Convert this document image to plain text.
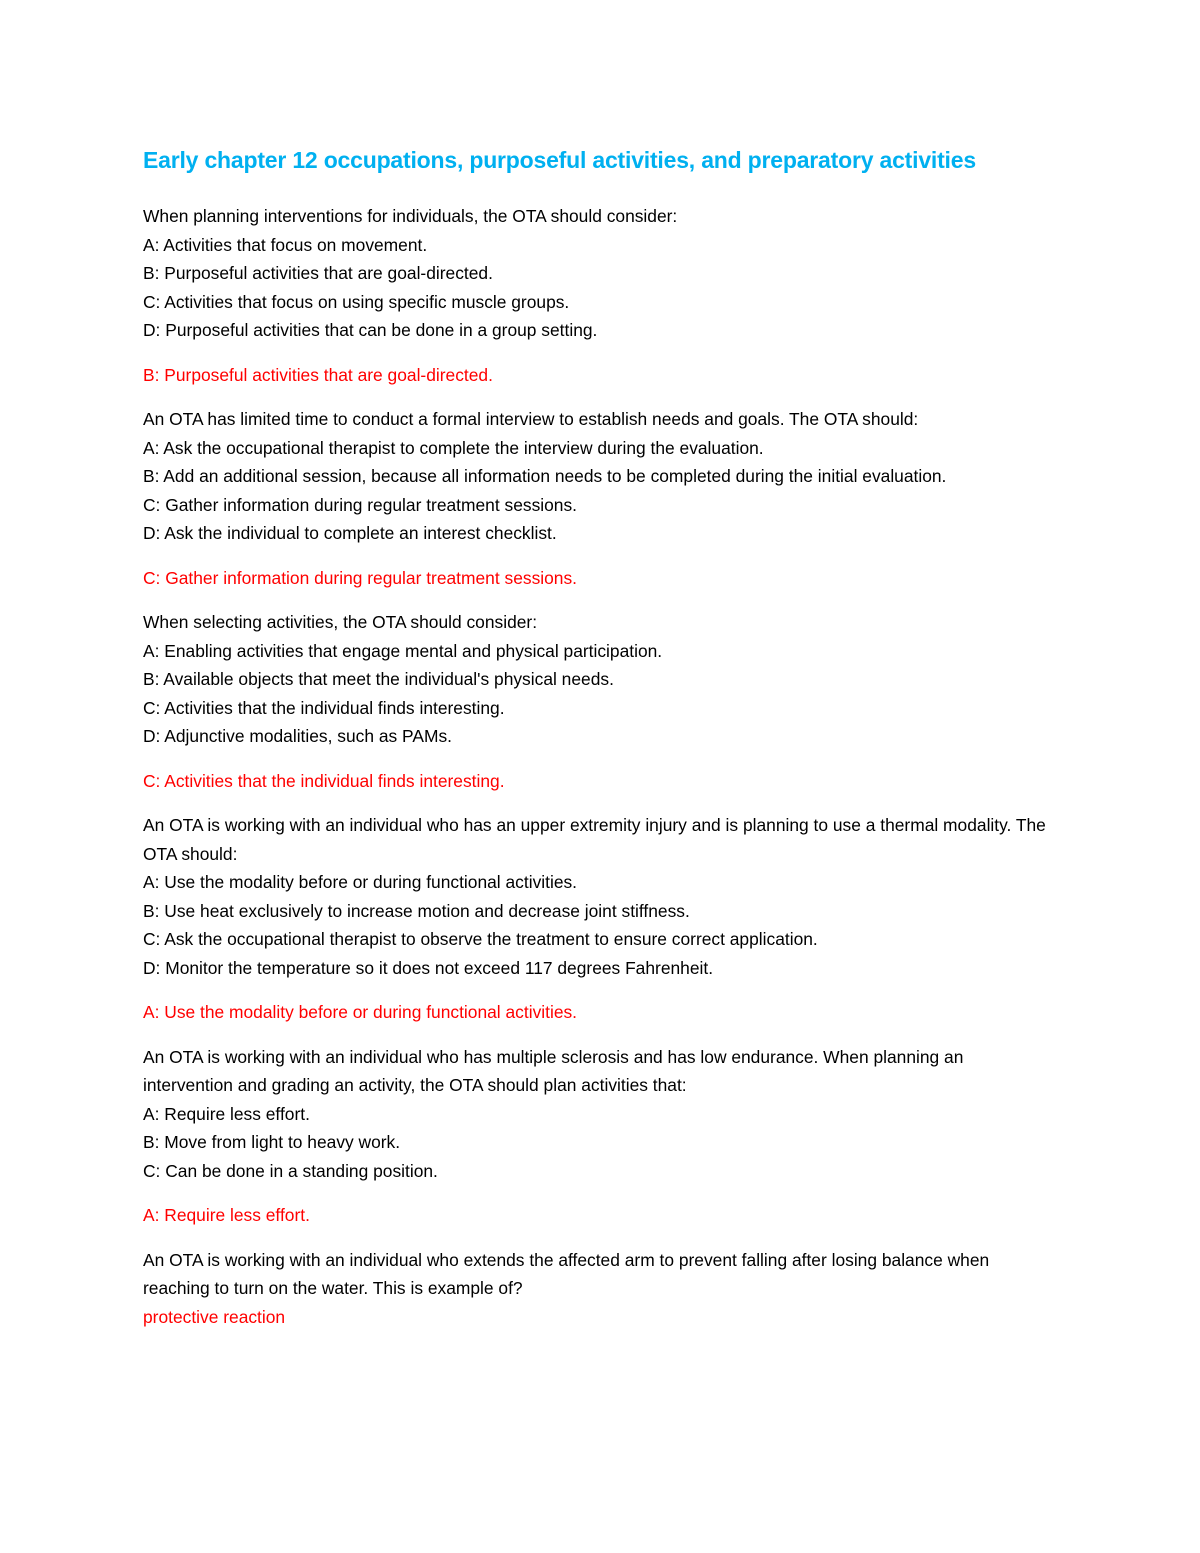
Early chapter 12 occupations, purposeful activities, and preparatory activities
When planning interventions for individuals, the OTA should consider:
A: Activities that focus on movement.
B: Purposeful activities that are goal-directed.
C: Activities that focus on using specific muscle groups.
D: Purposeful activities that can be done in a group setting.
B: Purposeful activities that are goal-directed.
An OTA has limited time to conduct a formal interview to establish needs and goals. The OTA should:
A: Ask the occupational therapist to complete the interview during the evaluation.
B: Add an additional session, because all information needs to be completed during the initial evaluation.
C: Gather information during regular treatment sessions.
D: Ask the individual to complete an interest checklist.
C: Gather information during regular treatment sessions.
When selecting activities, the OTA should consider:
A: Enabling activities that engage mental and physical participation.
B: Available objects that meet the individual's physical needs.
C: Activities that the individual finds interesting.
D: Adjunctive modalities, such as PAMs.
C: Activities that the individual finds interesting.
An OTA is working with an individual who has an upper extremity injury and is planning to use a thermal modality. The OTA should:
A: Use the modality before or during functional activities.
B: Use heat exclusively to increase motion and decrease joint stiffness.
C: Ask the occupational therapist to observe the treatment to ensure correct application.
D: Monitor the temperature so it does not exceed 117 degrees Fahrenheit.
A: Use the modality before or during functional activities.
An OTA is working with an individual who has multiple sclerosis and has low endurance. When planning an intervention and grading an activity, the OTA should plan activities that:
A: Require less effort.
B: Move from light to heavy work.
C: Can be done in a standing position.
A: Require less effort.
An OTA is working with an individual who extends the affected arm to prevent falling after losing balance when reaching to turn on the water. This is example of?
protective reaction
